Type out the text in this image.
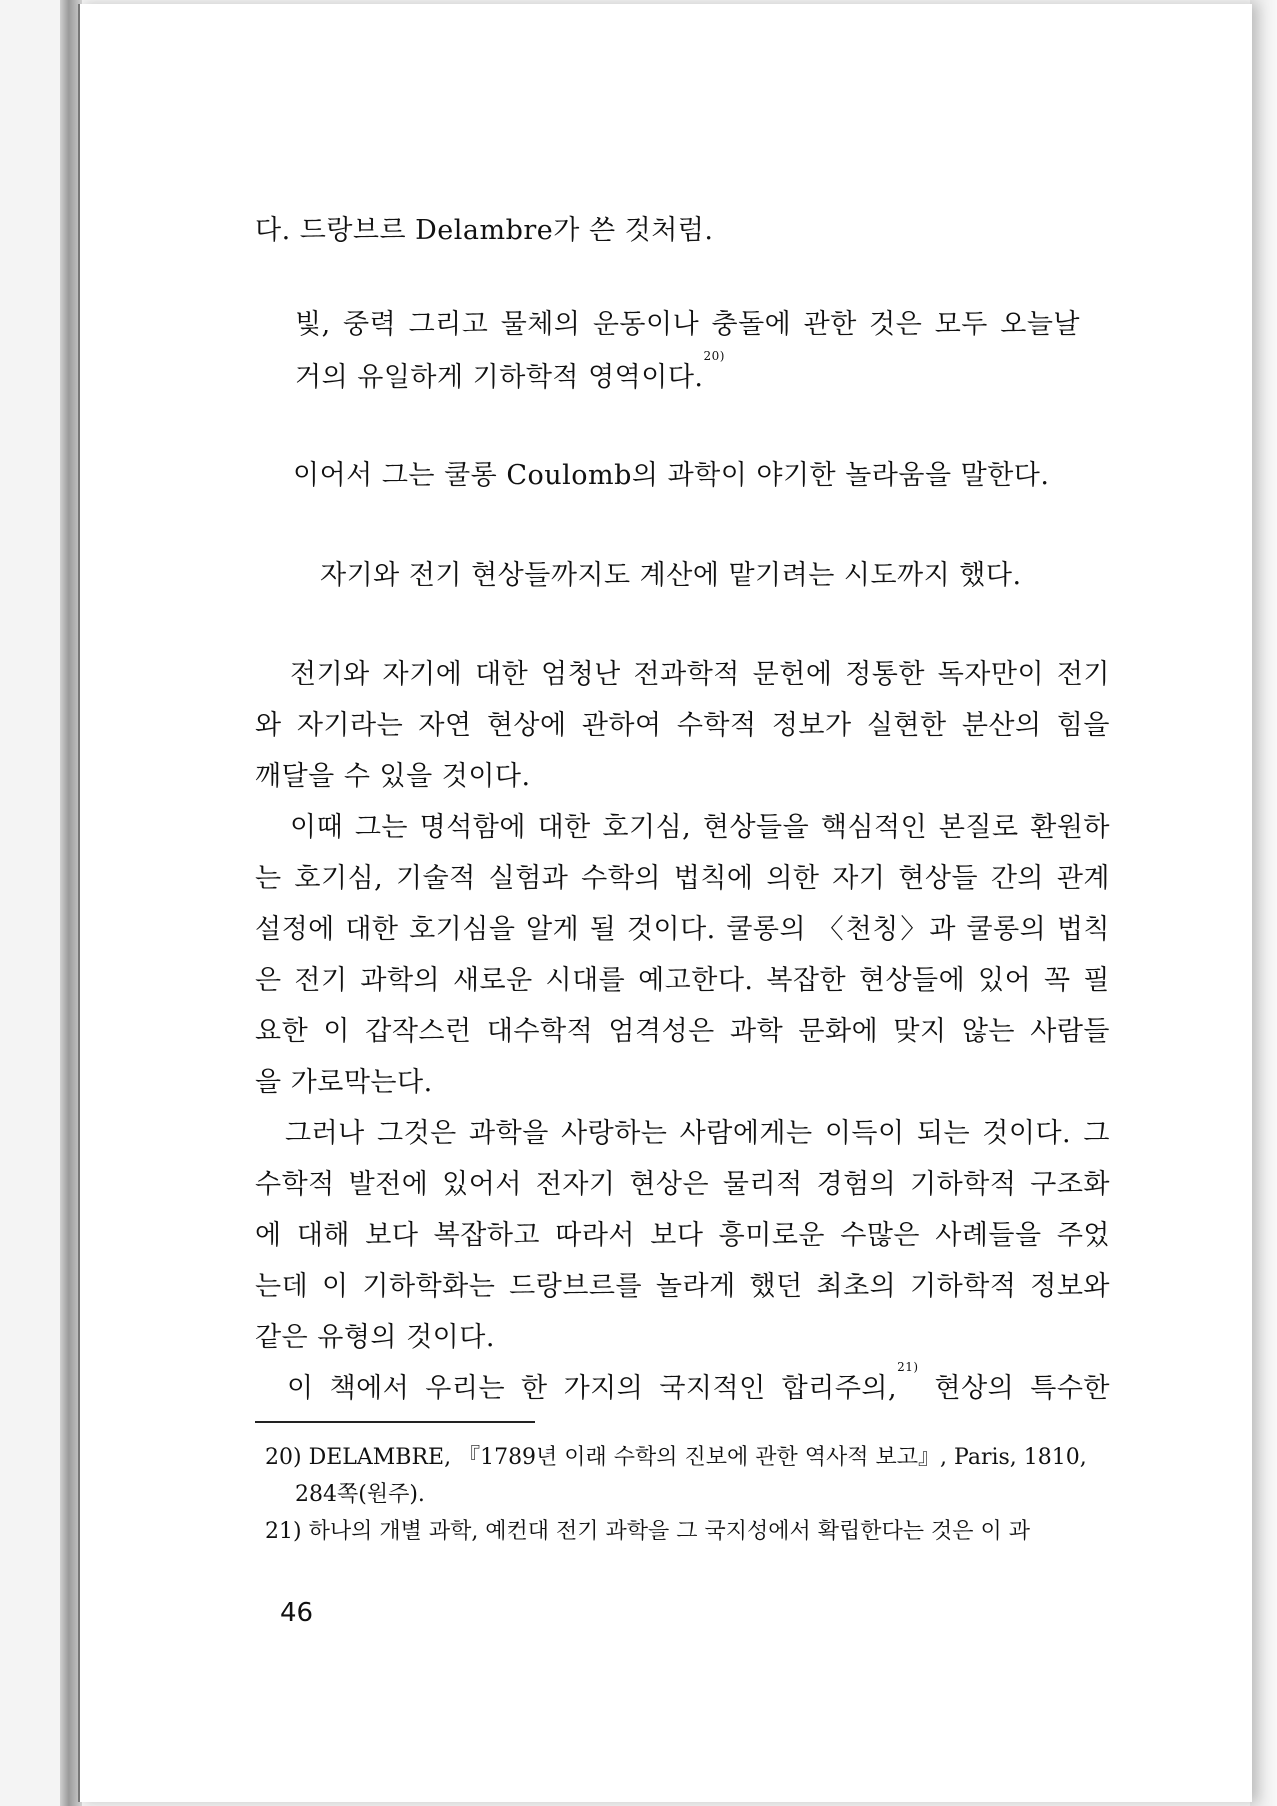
다. 드랑브르 Delambre가 쓴 것처럼.
빛, 중력 그리고 물체의 운동이나 충돌에 관한 것은 모두 오늘날
거의 유일하게 기하학적 영역이다.$^{20)}$
이어서 그는 쿨롱 Coulomb의 과학이 야기한 놀라움을 말한다.
자기와 전기 현상들까지도 계산에 맡기려는 시도까지 했다.
전기와 자기에 대한 엄청난 전과학적 문헌에 정통한 독자만이 전기
와 자기라는 자연 현상에 관하여 수학적 정보가 실현한 분산의 힘을
깨달을 수 있을 것이다.
이때 그는 명석함에 대한 호기심, 현상들을 핵심적인 본질로 환원하
는 호기심, 기술적 실험과 수학의 법칙에 의한 자기 현상들 간의 관계
설정에 대한 호기심을 알게 될 것이다. 쿨롱의 〈천칭〉과 쿨롱의 법칙
은 전기 과학의 새로운 시대를 예고한다. 복잡한 현상들에 있어 꼭 필
요한 이 갑작스런 대수학적 엄격성은 과학 문화에 맞지 않는 사람들
을 가로막는다.
그러나 그것은 과학을 사랑하는 사람에게는 이득이 되는 것이다. 그
수학적 발전에 있어서 전자기 현상은 물리적 경험의 기하학적 구조화
에 대해 보다 복잡하고 따라서 보다 흥미로운 수많은 사례들을 주었
는데 이 기하학화는 드랑브르를 놀라게 했던 최초의 기하학적 정보와
같은 유형의 것이다.
이 책에서 우리는 한 가지의 국지적인 합리주의,$^{21)}$ 현상의 특수한
20) DELAMBRE, 『1789년 이래 수학의 진보에 관한 역사적 보고』, Paris, 1810,
284쪽(원주).
21) 하나의 개별 과학, 예컨대 전기 과학을 그 국지성에서 확립한다는 것은 이 과
46
